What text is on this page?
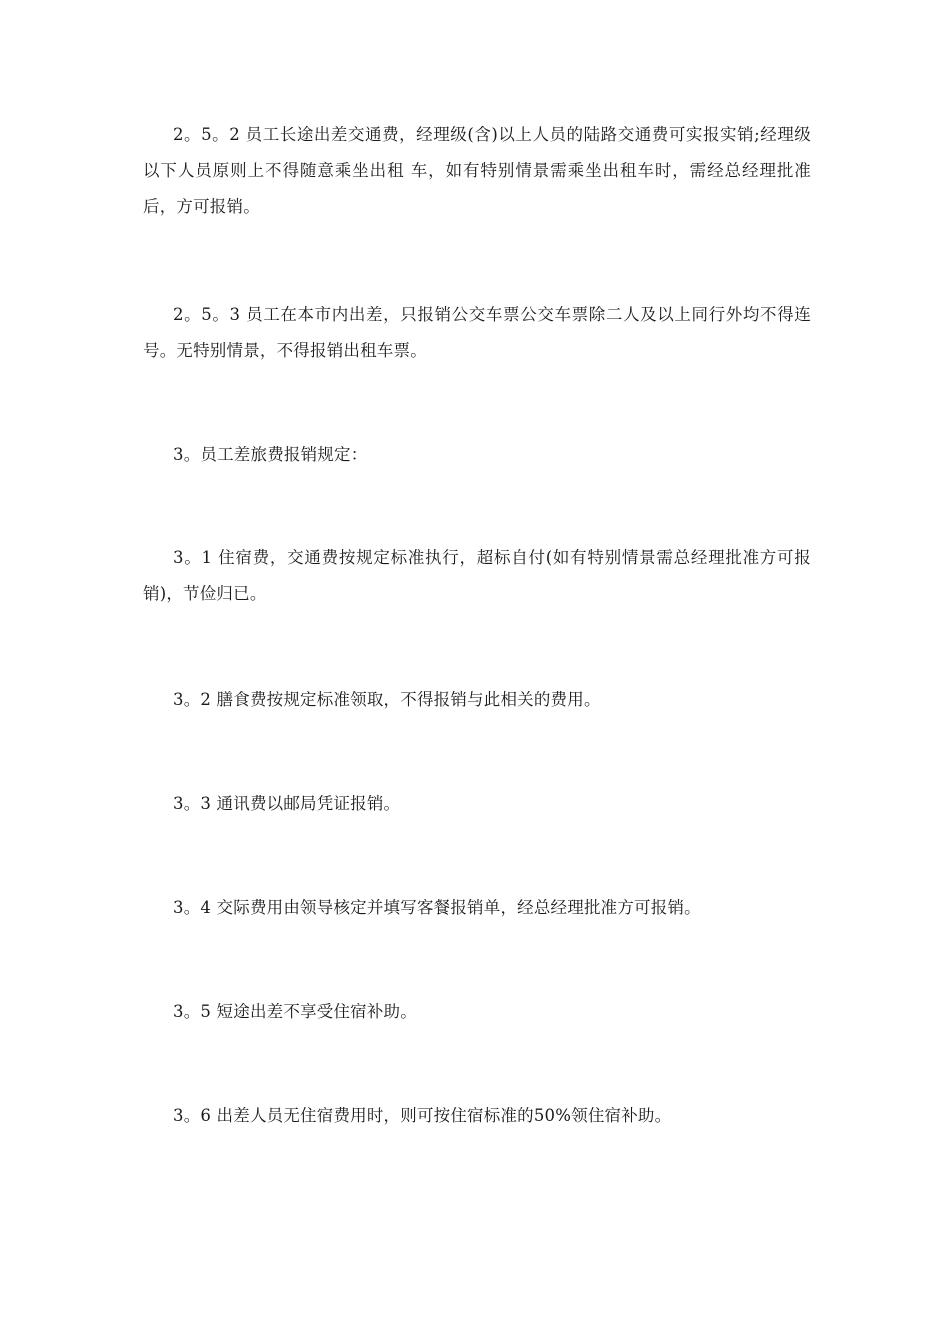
2。5。2 员工长途出差交通费，经理级(含)以上人员的陆路交通费可实报实销;经理级以下人员原则上不得随意乘坐出租 车，如有特别情景需乘坐出租车时，需经总经理批准后，方可报销。

2。5。3 员工在本市内出差，只报销公交车票公交车票除二人及以上同行外均不得连号。无特别情景，不得报销出租车票。

3。员工差旅费报销规定：

3。1 住宿费，交通费按规定标准执行，超标自付(如有特别情景需总经理批准方可报销)，节俭归已。

3。2 膳食费按规定标准领取，不得报销与此相关的费用。

3。3 通讯费以邮局凭证报销。

3。4 交际费用由领导核定并填写客餐报销单，经总经理批准方可报销。

3。5 短途出差不享受住宿补助。

3。6 出差人员无住宿费用时，则可按住宿标准的50%领住宿补助。
